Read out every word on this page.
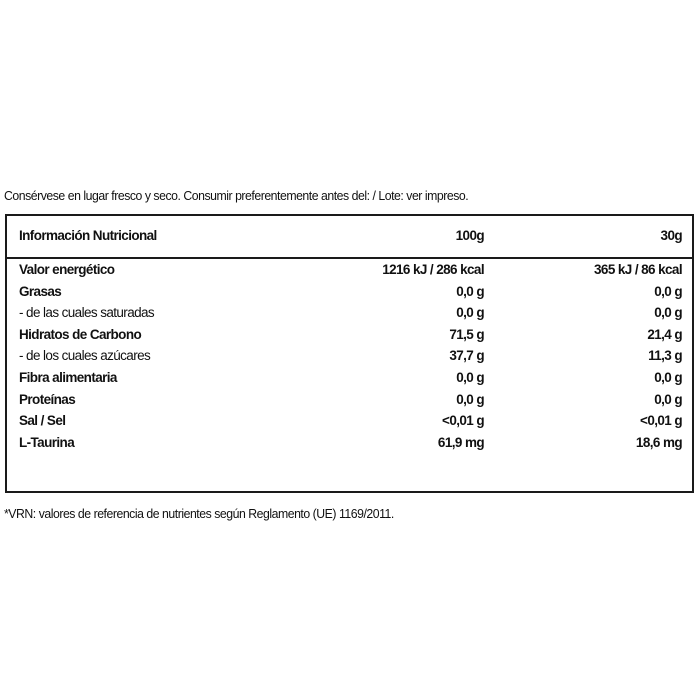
Consérvese en lugar fresco y seco. Consumir preferentemente antes del: / Lote: ver impreso.
Información Nutricional	100g	30g
Valor energético	1216 kJ / 286 kcal	365 kJ / 86 kcal
Grasas	0,0 g	0,0 g
- de las cuales saturadas	0,0 g	0,0 g
Hidratos de Carbono	71,5 g	21,4 g
- de los cuales azúcares	37,7 g	11,3 g
Fibra alimentaria	0,0 g	0,0 g
Proteínas	0,0 g	0,0 g
Sal / Sel	<0,01 g	<0,01 g
L-Taurina	61,9 mg	18,6 mg
*VRN: valores de referencia de nutrientes según Reglamento (UE) 1169/2011.
